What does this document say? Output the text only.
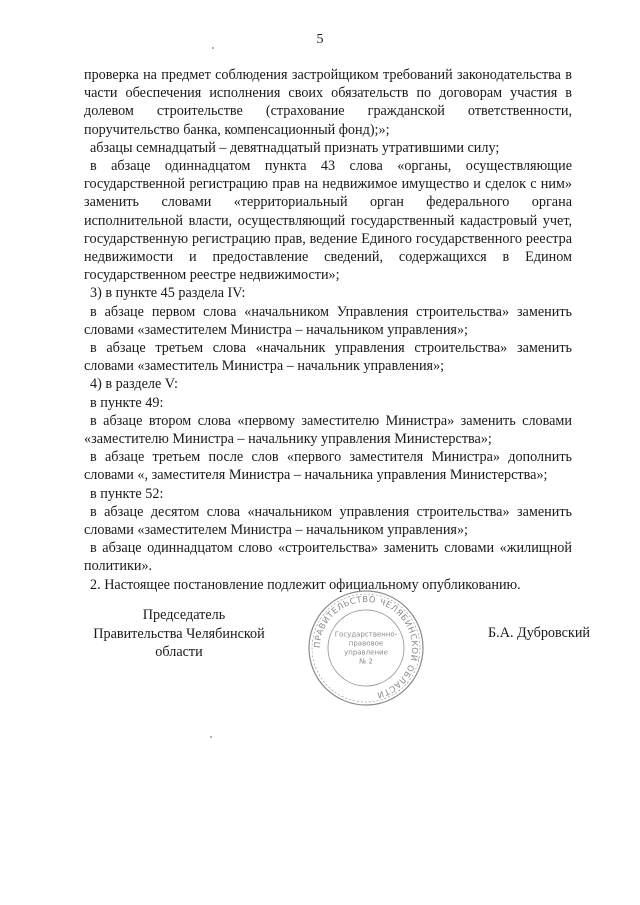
5

проверка на предмет соблюдения застройщиком требований законодательства в части обеспечения исполнения своих обязательств по договорам участия в долевом строительстве (страхование гражданской ответственности, поручительство банка, компенсационный фонд);»;

абзацы семнадцатый – девятнадцатый признать утратившими силу;

в абзаце одиннадцатом пункта 43 слова «органы, осуществляющие государственной регистрацию прав на недвижимое имущество и сделок с ним» заменить словами «территориальный орган федерального органа исполнительной власти, осуществляющий государственный кадастровый учет, государственную регистрацию прав, ведение Единого государственного реестра недвижимости и предоставление сведений, содержащихся в Едином государственном реестре недвижимости»;

3) в пункте 45 раздела IV:

в абзаце первом слова «начальником Управления строительства» заменить словами «заместителем Министра – начальником управления»;

в абзаце третьем слова «начальник управления строительства» заменить словами «заместитель Министра – начальник управления»;

4) в разделе V:

в пункте 49:

в абзаце втором слова «первому заместителю Министра» заменить словами «заместителю Министра – начальнику управления Министерства»;

в абзаце третьем после слов «первого заместителя Министра» дополнить словами «, заместителя Министра – начальника управления Министерства»;

в пункте 52:

в абзаце десятом слова «начальником управления строительства» заменить словами «заместителем Министра – начальником управления»;

в абзаце одиннадцатом слово «строительства» заменить словами «жилищной политики».

2. Настоящее постановление подлежит официальному опубликованию.

Председатель
Правительства Челябинской области	ПРАВИТЕЛЬСТВО ЧЕЛЯБИНСКОЙ ОБЛАСТИ
Государственно-правовое управление № 2
Б.А. Дубровский
